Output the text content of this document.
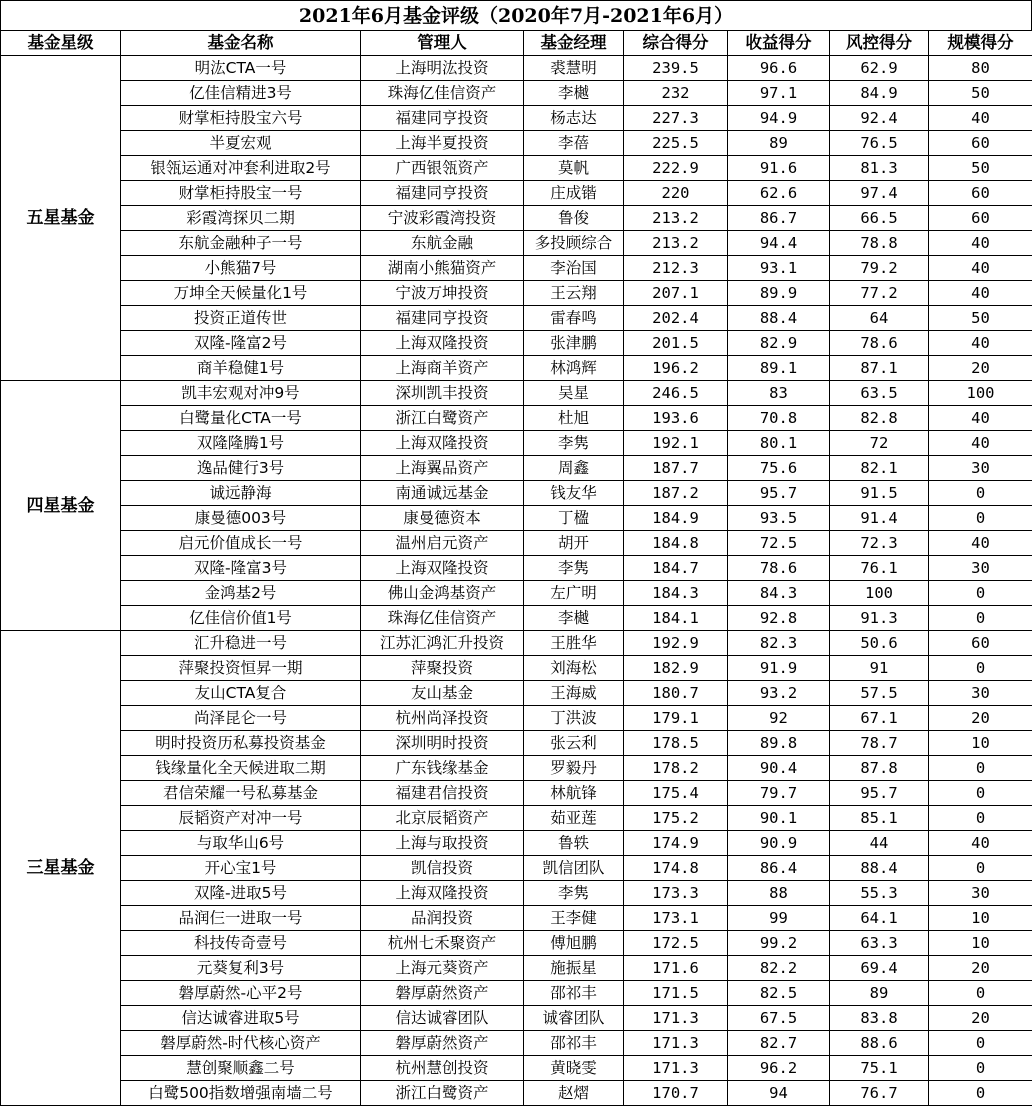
2021年6月基金评级（2020年7月-2021年6月）
基金星级	基金名称	管理人	基金经理	综合得分	收益得分	风控得分	规模得分
五星基金	明汯CTA一号	上海明汯投资	裘慧明	239.5	96.6	62.9	80
	亿佳信精进3号	珠海亿佳信资产	李樾	232	97.1	84.9	50
	财掌柜持股宝六号	福建同亨投资	杨志达	227.3	94.9	92.4	40
	半夏宏观	上海半夏投资	李蓓	225.5	89	76.5	60
	银瓴运通对冲套利进取2号	广西银瓴资产	莫帆	222.9	91.6	81.3	50
	财掌柜持股宝一号	福建同亨投资	庄成锴	220	62.6	97.4	60
	彩霞湾探贝二期	宁波彩霞湾投资	鲁俊	213.2	86.7	66.5	60
	东航金融种子一号	东航金融	多投顾综合	213.2	94.4	78.8	40
	小熊猫7号	湖南小熊猫资产	李治国	212.3	93.1	79.2	40
	万坤全天候量化1号	宁波万坤投资	王云翔	207.1	89.9	77.2	40
	投资正道传世	福建同亨投资	雷春鸣	202.4	88.4	64	50
	双隆-隆富2号	上海双隆投资	张津鹏	201.5	82.9	78.6	40
	商羊稳健1号	上海商羊资产	林鸿辉	196.2	89.1	87.1	20
四星基金	凯丰宏观对冲9号	深圳凯丰投资	吴星	246.5	83	63.5	100
	白鹭量化CTA一号	浙江白鹭资产	杜旭	193.6	70.8	82.8	40
	双隆隆腾1号	上海双隆投资	李隽	192.1	80.1	72	40
	逸品健行3号	上海翼品资产	周鑫	187.7	75.6	82.1	30
	诚远静海	南通诚远基金	钱友华	187.2	95.7	91.5	0
	康曼德003号	康曼德资本	丁楹	184.9	93.5	91.4	0
	启元价值成长一号	温州启元资产	胡开	184.8	72.5	72.3	40
	双隆-隆富3号	上海双隆投资	李隽	184.7	78.6	76.1	30
	金鸿基2号	佛山金鸿基资产	左广明	184.3	84.3	100	0
	亿佳信价值1号	珠海亿佳信资产	李樾	184.1	92.8	91.3	0
三星基金	汇升稳进一号	江苏汇鸿汇升投资	王胜华	192.9	82.3	50.6	60
	萍聚投资恒昇一期	萍聚投资	刘海松	182.9	91.9	91	0
	友山CTA复合	友山基金	王海威	180.7	93.2	57.5	30
	尚泽昆仑一号	杭州尚泽投资	丁洪波	179.1	92	67.1	20
	明时投资历私募投资基金	深圳明时投资	张云利	178.5	89.8	78.7	10
	钱缘量化全天候进取二期	广东钱缘基金	罗毅丹	178.2	90.4	87.8	0
	君信荣耀一号私募基金	福建君信投资	林航锋	175.4	79.7	95.7	0
	辰韬资产对冲一号	北京辰韬资产	茹亚莲	175.2	90.1	85.1	0
	与取华山6号	上海与取投资	鲁轶	174.9	90.9	44	40
	开心宝1号	凯信投资	凯信团队	174.8	86.4	88.4	0
	双隆-进取5号	上海双隆投资	李隽	173.3	88	55.3	30
	品润仨一进取一号	品润投资	王李健	173.1	99	64.1	10
	科技传奇壹号	杭州七禾聚资产	傅旭鹏	172.5	99.2	63.3	10
	元葵复利3号	上海元葵资产	施振星	171.6	82.2	69.4	20
	磐厚蔚然-心平2号	磐厚蔚然资产	邵祁丰	171.5	82.5	89	0
	信达诚睿进取5号	信达诚睿团队	诚睿团队	171.3	67.5	83.8	20
	磐厚蔚然-时代核心资产	磐厚蔚然资产	邵祁丰	171.3	82.7	88.6	0
	慧创聚顺鑫二号	杭州慧创投资	黄晓雯	171.3	96.2	75.1	0
	白鹭500指数增强南墙二号	浙江白鹭资产	赵熠	170.7	94	76.7	0
